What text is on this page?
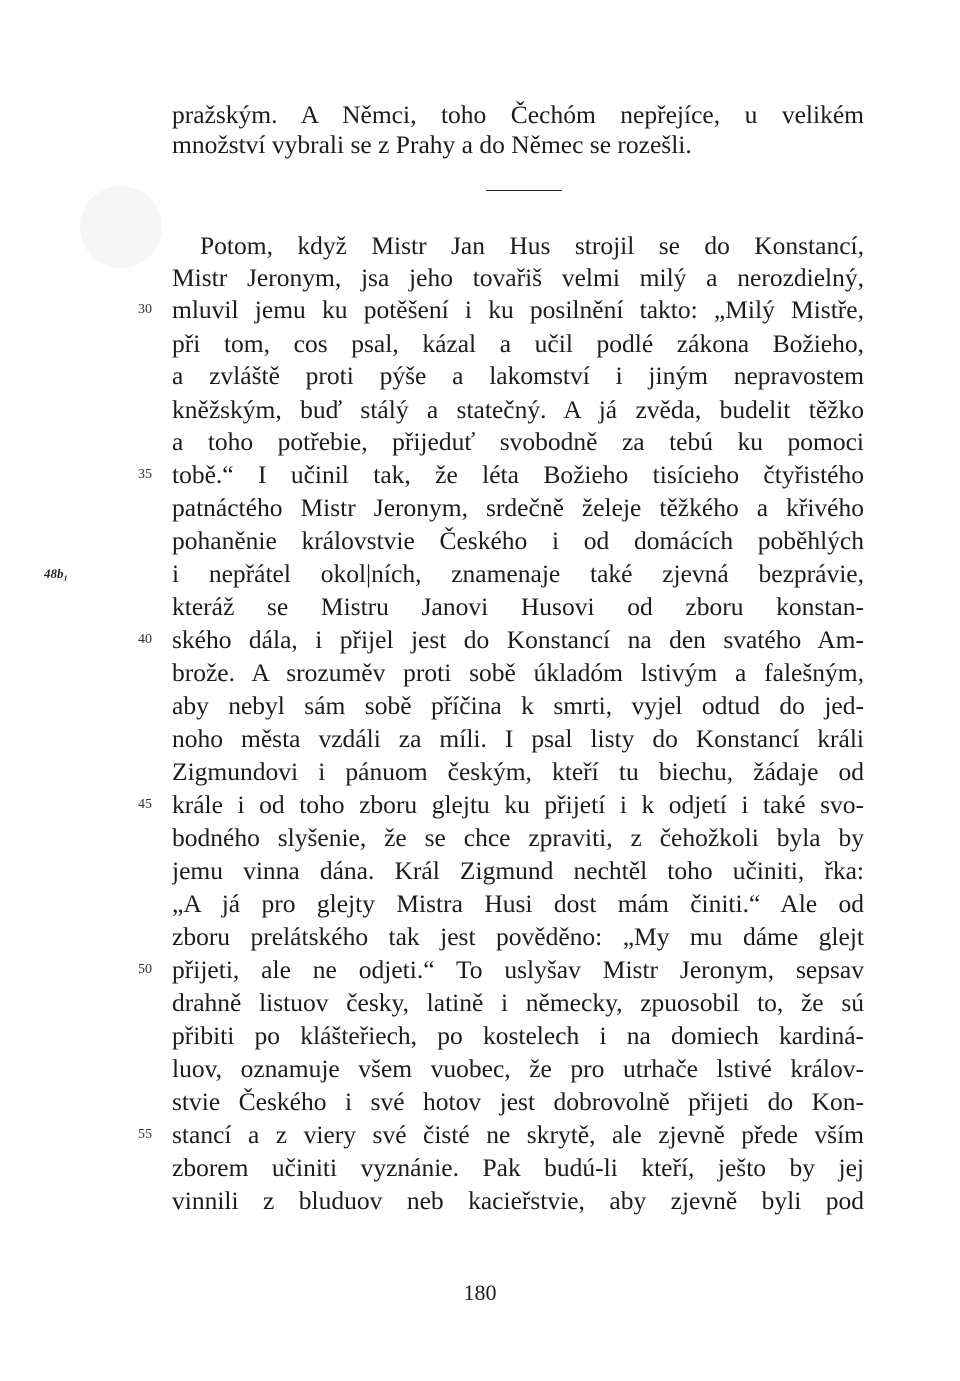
pražským. A Němci, toho Čechóm nepřejíce, u velikém
množství vybrali se z Prahy a do Němec se rozešli.
Potom, když Mistr Jan Hus strojil se do Konstancí,
Mistr Jeronym, jsa jeho tovařiš velmi milý a nerozdielný,
mluvil jemu ku potěšení i ku posilnění takto: „Milý Mistře,
při tom, cos psal, kázal a učil podlé zákona Božieho,
a zvláště proti pýše a lakomství i jiným nepravostem
kněžským, buď stálý a statečný. A já zvěda, budelit těžko
a toho potřebie, přijeduť svobodně za tebú ku pomoci
tobě.“ I učinil tak, že léta Božieho tisícieho čtyřistého
patnáctého Mistr Jeronym, srdečně želeje těžkého a křivého
pohaněnie královstvie Českého i od domácích poběhlých
i nepřátel okol|ních, znamenaje také zjevná bezprávie,
kteráž se Mistru Janovi Husovi od zboru konstan-
ského dála, i přijel jest do Konstancí na den svatého Am-
brože. A srozuměv proti sobě úkladóm lstivým a falešným,
aby nebyl sám sobě příčina k smrti, vyjel odtud do jed-
noho města vzdáli za míli. I psal listy do Konstancí králi
Zigmundovi i pánuom českým, kteří tu biechu, žádaje od
krále i od toho zboru glejtu ku přijetí i k odjetí i také svo-
bodného slyšenie, že se chce zpraviti, z čehožkoli byla by
jemu vinna dána. Král Zigmund nechtěl toho učiniti, řka:
„A já pro glejty Mistra Husi dost mám činiti.“ Ale od
zboru prelátského tak jest pověděno: „My mu dáme glejt
přijeti, ale ne odjeti.“ To uslyšav Mistr Jeronym, sepsav
drahně listuov česky, latině i německy, zpuosobil to, že sú
přibiti po klášteřiech, po kostelech i na domiech kardiná-
luov, oznamuje všem vuobec, že pro utrhače lstivé králov-
stvie Českého i své hotov jest dobrovolně přijeti do Kon-
stancí a z viery své čisté ne skrytě, ale zjevně přede vším
zborem učiniti vyznánie. Pak budú-li kteří, ješto by jej
vinnili z bluduov neb kacieřstvie, aby zjevně byli pod
30
35
40
45
50
55
48b₁
180
